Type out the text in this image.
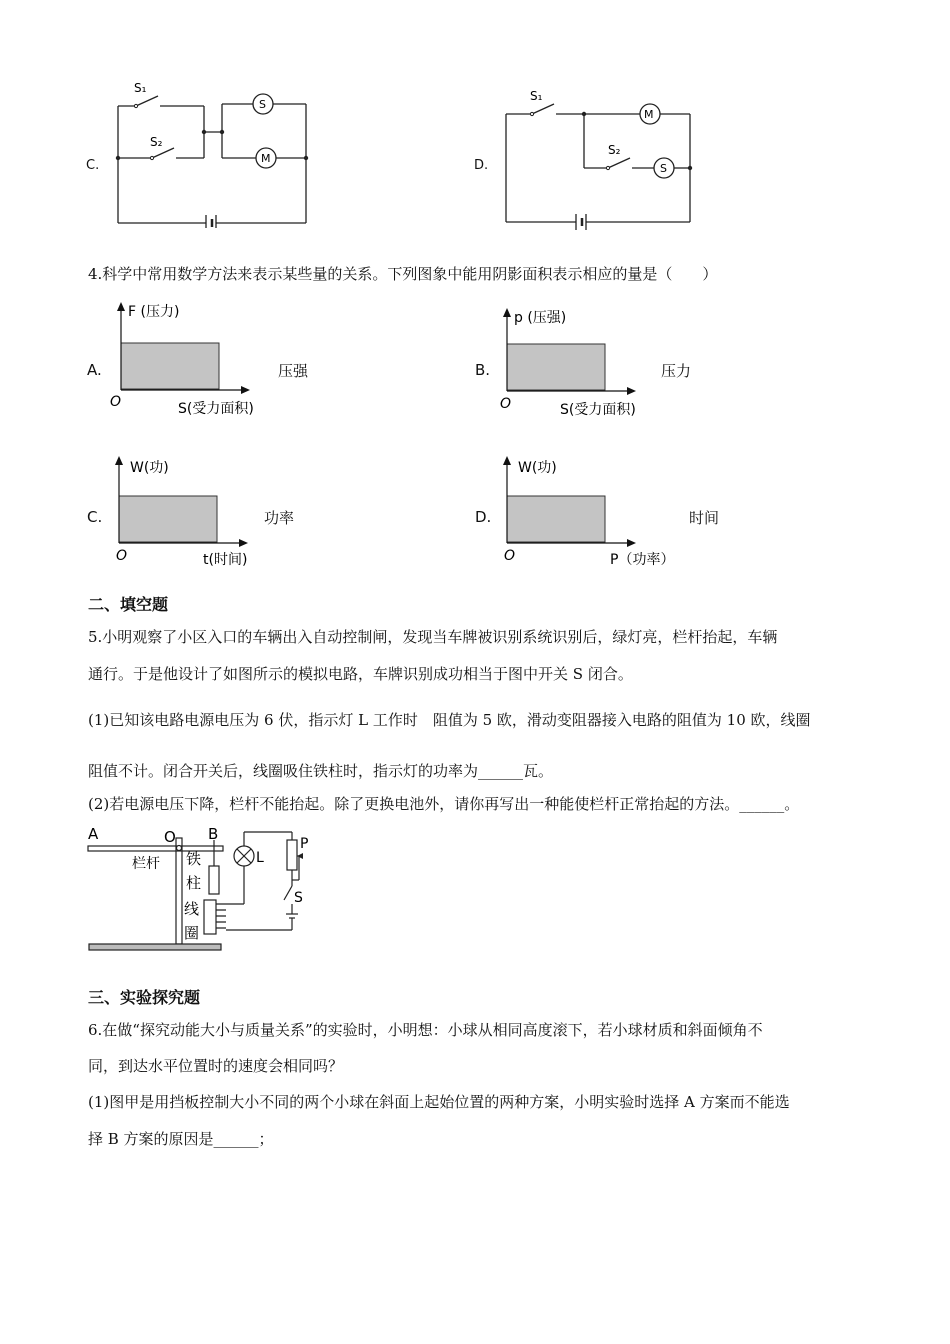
C.
S₁
S₂
S
M	D.
S₁
S₂
M
S
4.科学中常用数学方法来表示某些量的关系。下列图象中能用阴影面积表示相应的量是（　　）
A.
F (压力)
O	S(受力面积)
压强	B.
p (压强)
O	S(受力面积)
压力
C.
W(功)
O	t(时间)
功率	D.
W(功)
O	P（功率）
时间
二、填空题
5.小明观察了小区入口的车辆出入自动控制闸，发现当车牌被识别系统识别后，绿灯亮，栏杆抬起，车辆
通行。于是他设计了如图所示的模拟电路，车牌识别成功相当于图中开关 S 闭合。
(1)已知该电路电源电压为 6 伏，指示灯 L 工作时　阻值为 5 欧，滑动变阻器接入电路的阻值为 10 欧，线圈
阻值不计。闭合开关后，线圈吸住铁柱时，指示灯的功率为______瓦。
(2)若电源电压下降，栏杆不能抬起。除了更换电池外，请你再写出一种能使栏杆正常抬起的方法。______。
A	O B
栏杆 铁
柱
线
圈
L
P
S
三、实验探究题
6.在做“探究动能大小与质量关系”的实验时，小明想：小球从相同高度滚下，若小球材质和斜面倾角不
同，到达水平位置时的速度会相同吗？
(1)图甲是用挡板控制大小不同的两个小球在斜面上起始位置的两种方案，小明实验时选择 A 方案而不能选
择 B 方案的原因是______；
